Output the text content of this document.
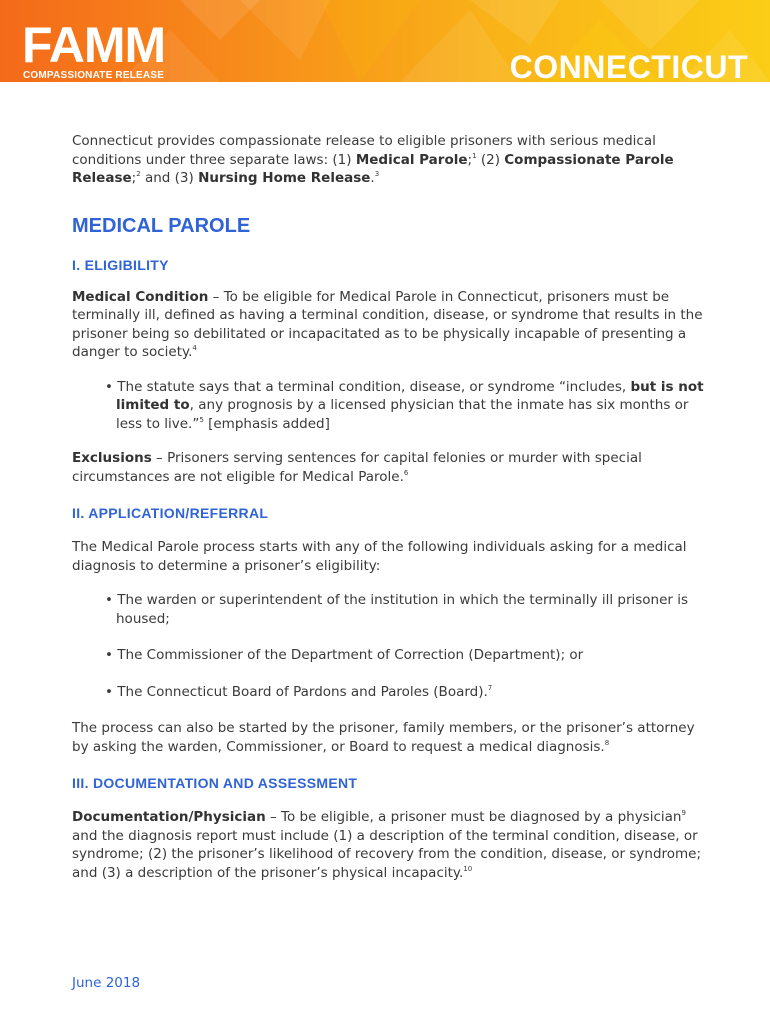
FAMM
COMPASSIONATE RELEASE	CONNECTICUT

Connecticut provides compassionate release to eligible prisoners with serious medical conditions under three separate laws: (1) Medical Parole;$^1$ (2) Compassionate Parole Release;$^2$ and (3) Nursing Home Release.$^3$

MEDICAL PAROLE
I. ELIGIBILITY

Medical Condition – To be eligible for Medical Parole in Connecticut, prisoners must be terminally ill, defined as having a terminal condition, disease, or syndrome that results in the prisoner being so debilitated or incapacitated as to be physically incapable of presenting a danger to society.$^4$

• The statute says that a terminal condition, disease, or syndrome “includes, but is not limited to, any prognosis by a licensed physician that the inmate has six months or less to live.”$^5$ [emphasis added]

Exclusions – Prisoners serving sentences for capital felonies or murder with special circumstances are not eligible for Medical Parole.$^6$

II. APPLICATION/REFERRAL

The Medical Parole process starts with any of the following individuals asking for a medical diagnosis to determine a prisoner’s eligibility:

• The warden or superintendent of the institution in which the terminally ill prisoner is housed;

• The Commissioner of the Department of Correction (Department); or

• The Connecticut Board of Pardons and Paroles (Board).$^7$

The process can also be started by the prisoner, family members, or the prisoner’s attorney by asking the warden, Commissioner, or Board to request a medical diagnosis.$^8$

III. DOCUMENTATION AND ASSESSMENT

Documentation/Physician – To be eligible, a prisoner must be diagnosed by a physician$^9$ and the diagnosis report must include (1) a description of the terminal condition, disease, or syndrome; (2) the prisoner’s likelihood of recovery from the condition, disease, or syndrome; and (3) a description of the prisoner’s physical incapacity.$^{10}$

June 2018
